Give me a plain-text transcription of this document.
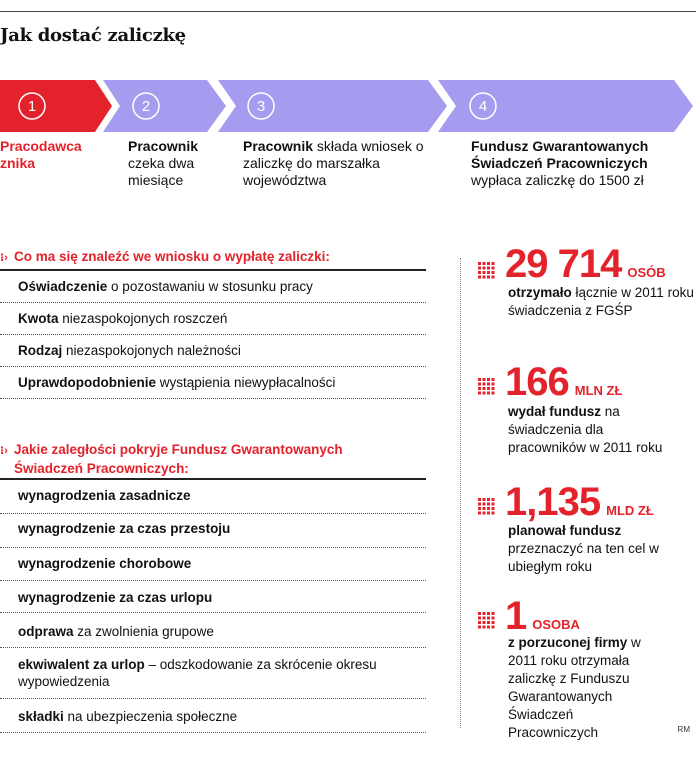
Jak dostać zaliczkę
1	2	3	4
Pracodawca znika
Pracownik
czeka dwa miesiące
Pracownik składa wniosek o zaliczkę do marszałka województwa
Fundusz Gwarantowanych Świadczeń Pracowniczych
wypłaca zaliczkę do 1500 zł
⁝› Co ma się znaleźć we wniosku o wypłatę zaliczki:
Oświadczenie o pozostawaniu w stosunku pracy
Kwota niezaspokojonych roszczeń
Rodzaj niezaspokojonych należności
Uprawdopodobnienie wystąpienia niewypłacalności
⁝› Jakie zaległości pokryje Fundusz Gwarantowanych
Świadczeń Pracowniczych:
wynagrodzenia zasadnicze
wynagrodzenie za czas przestoju
wynagrodzenie chorobowe
wynagrodzenie za czas urlopu
odprawa za zwolnienia grupowe
ekwiwalent za urlop – odszkodowanie za skrócenie okresu wypowiedzenia
składki na ubezpieczenia społeczne
29 714 OSÓB
otrzymało łącznie w 2011 roku świadczenia z FGŚP
166 MLN ZŁ
wydał fundusz na świadczenia dla pracowników w 2011 roku
1,135 MLD ZŁ
planował fundusz przeznaczyć na ten cel w ubiegłym roku
1 OSOBA
z porzuconej firmy w 2011 roku otrzymała zaliczkę z Funduszu Gwarantowanych Świadczeń Pracowniczych	RM
